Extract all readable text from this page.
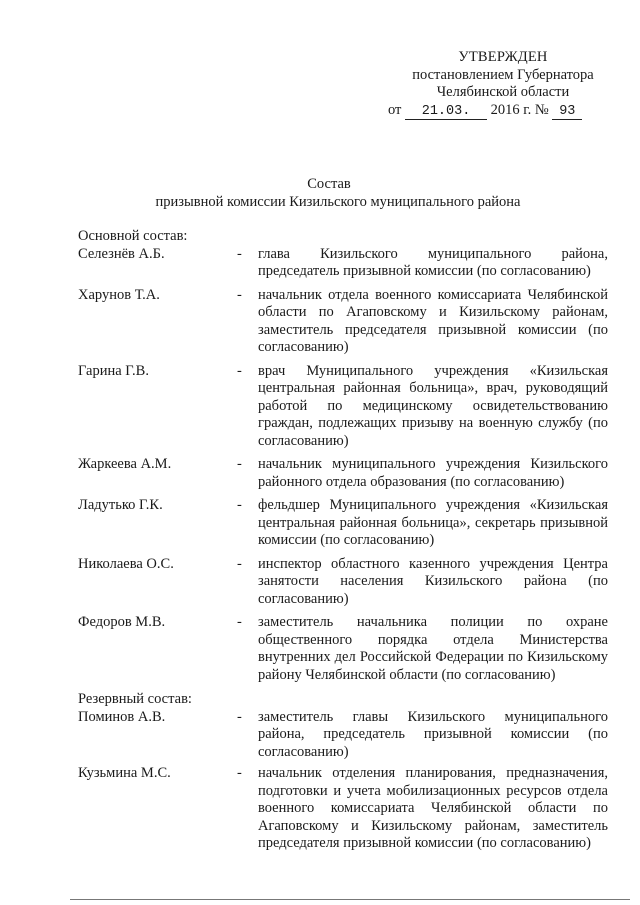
УТВЕРЖДЕН
постановлением Губернатора
Челябинской области
от 21.03. 2016 г. № 93
Состав
призывной комиссии Кизильского муниципального района
Основной состав:
Селезнёв А.Б.	- глава Кизильского муниципального района, председатель призывной комиссии (по согласованию)
Харунов Т.А.	- начальник отдела военного комиссариата Челябинской области по Агаповскому и Кизильскому районам, заместитель председателя призывной комиссии (по согласованию)
Гарина Г.В.	- врач Муниципального учреждения «Кизильская центральная районная больница», врач, руководящий работой по медицинскому освидетельствованию граждан, подлежащих призыву на военную службу (по согласованию)
Жаркеева А.М.	- начальник муниципального учреждения Кизильского районного отдела образования (по согласованию)
Ладутько Г.К.	- фельдшер Муниципального учреждения «Кизильская центральная районная больница», секретарь призывной комиссии (по согласованию)
Николаева О.С.	- инспектор областного казенного учреждения Центра занятости населения Кизильского района (по согласованию)
Федоров М.В.	- заместитель начальника полиции по охране общественного порядка отдела Министерства внутренних дел Российской Федерации по Кизильскому району Челябинской области (по согласованию)
Резервный состав:
Поминов А.В.	- заместитель главы Кизильского муниципального района, председатель призывной комиссии (по согласованию)
Кузьмина М.С.	- начальник отделения планирования, предназначения, подготовки и учета мобилизационных ресурсов отдела военного комиссариата Челябинской области по Агаповскому и Кизильскому районам, заместитель председателя призывной комиссии (по согласованию)
